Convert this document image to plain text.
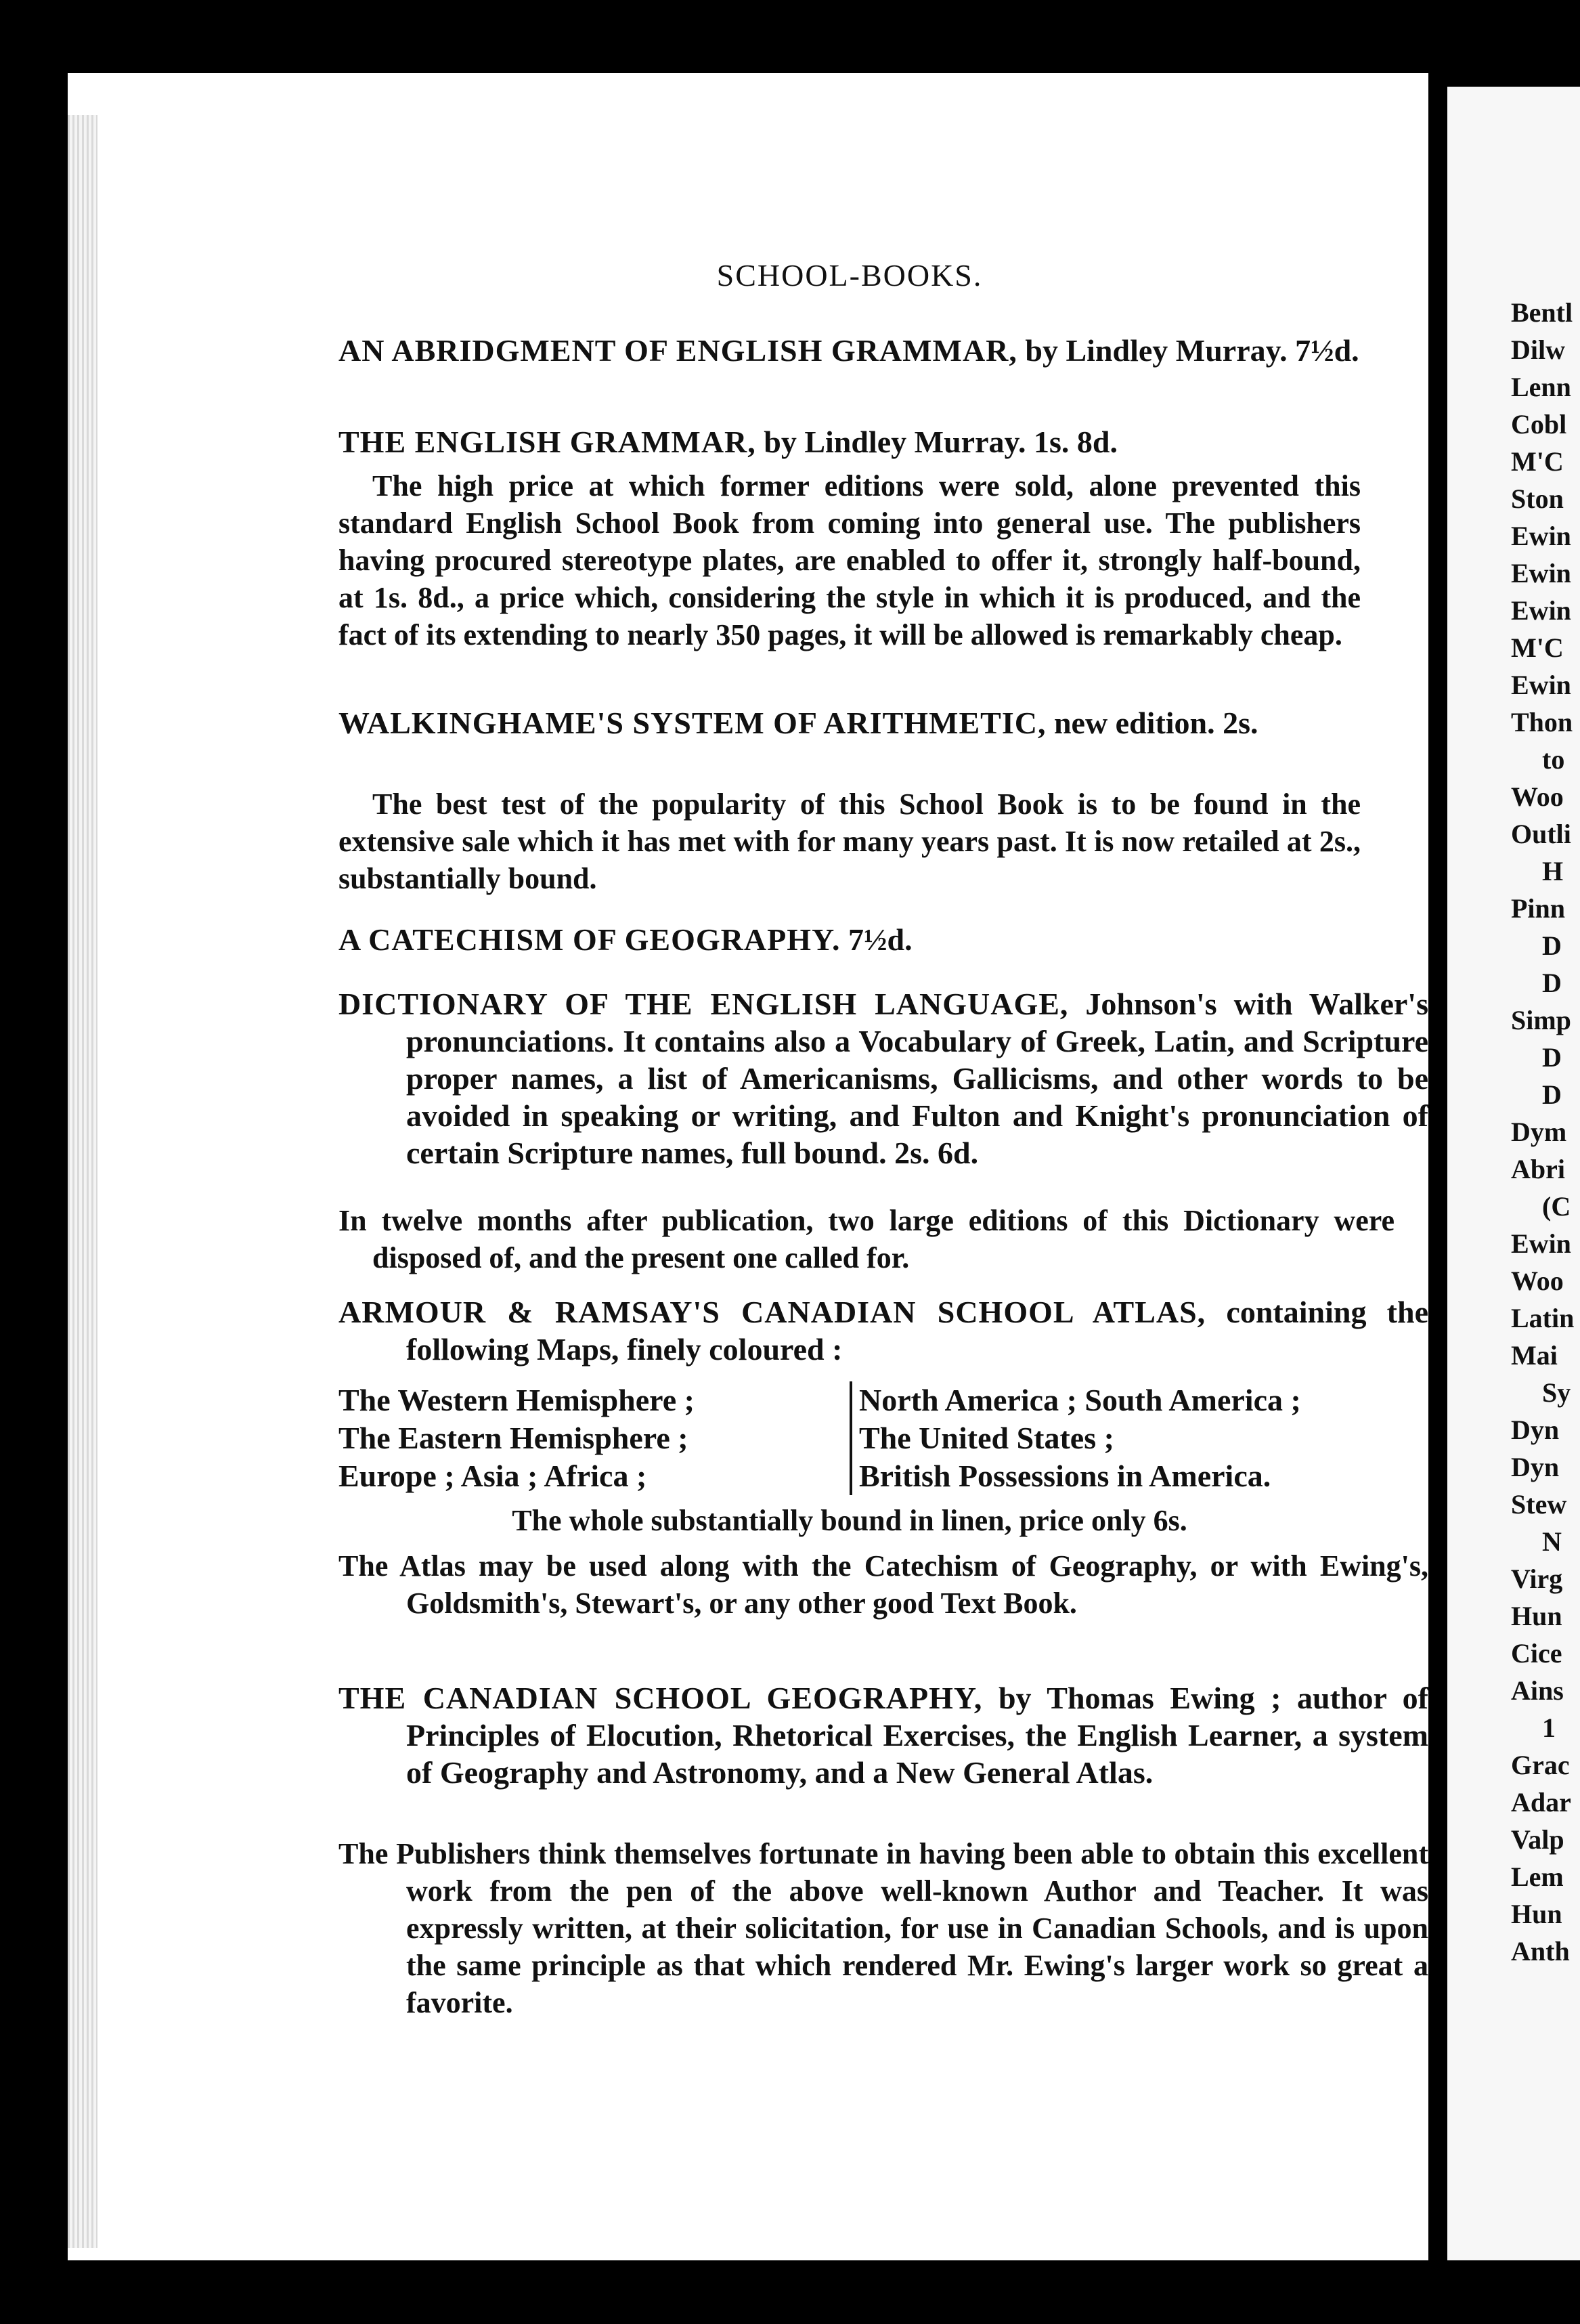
Bentl
Dilw
Lenn
Cobl
M'C
Ston
Ewin
Ewin
Ewin
M'C
Ewin
Thon
to
Woo
Outli
H
Pinn
D
D
Simp
D
D
Dym
Abri
(C
Ewin
Woo
Latin
Mai
Sy
Dyn
Dyn
Stew
N
Virg
Hun
Cice
Ains
1
Grac
Adar
Valp
Lem
Hun
Anth
SCHOOL-BOOKS.
AN ABRIDGMENT OF ENGLISH GRAMMAR, by Lindley Murray. 7½d.
THE ENGLISH GRAMMAR, by Lindley Murray. 1s. 8d.
The high price at which former editions were sold, alone prevented this standard English School Book from coming into general use. The publishers having procured stereotype plates, are enabled to offer it, strongly half-bound, at 1s. 8d., a price which, considering the style in which it is produced, and the fact of its extending to nearly 350 pages, it will be allowed is remarkably cheap.
WALKINGHAME'S SYSTEM OF ARITHMETIC, new edition. 2s.
The best test of the popularity of this School Book is to be found in the extensive sale which it has met with for many years past. It is now retailed at 2s., substantially bound.
A CATECHISM OF GEOGRAPHY. 7½d.
DICTIONARY OF THE ENGLISH LANGUAGE, Johnson's with Walker's pronunciations. It contains also a Vocabulary of Greek, Latin, and Scripture proper names, a list of Americanisms, Gallicisms, and other words to be avoided in speaking or writing, and Fulton and Knight's pronunciation of certain Scripture names, full bound. 2s. 6d.
In twelve months after publication, two large editions of this Dictionary were disposed of, and the present one called for.
ARMOUR & RAMSAY'S CANADIAN SCHOOL ATLAS, containing the following Maps, finely coloured :
The Western Hemisphere ;
The Eastern Hemisphere ;
Europe ; Asia ; Africa ;
North America ; South America ;
The United States ;
British Possessions in America.
The whole substantially bound in linen, price only 6s.
The Atlas may be used along with the Catechism of Geography, or with Ewing's, Goldsmith's, Stewart's, or any other good Text Book.
THE CANADIAN SCHOOL GEOGRAPHY, by Thomas Ewing ; author of Principles of Elocution, Rhetorical Exercises, the English Learner, a system of Geography and Astronomy, and a New General Atlas.
The Publishers think themselves fortunate in having been able to obtain this excellent work from the pen of the above well-known Author and Teacher. It was expressly written, at their solicitation, for use in Canadian Schools, and is upon the same principle as that which rendered Mr. Ewing's larger work so great a favorite.
